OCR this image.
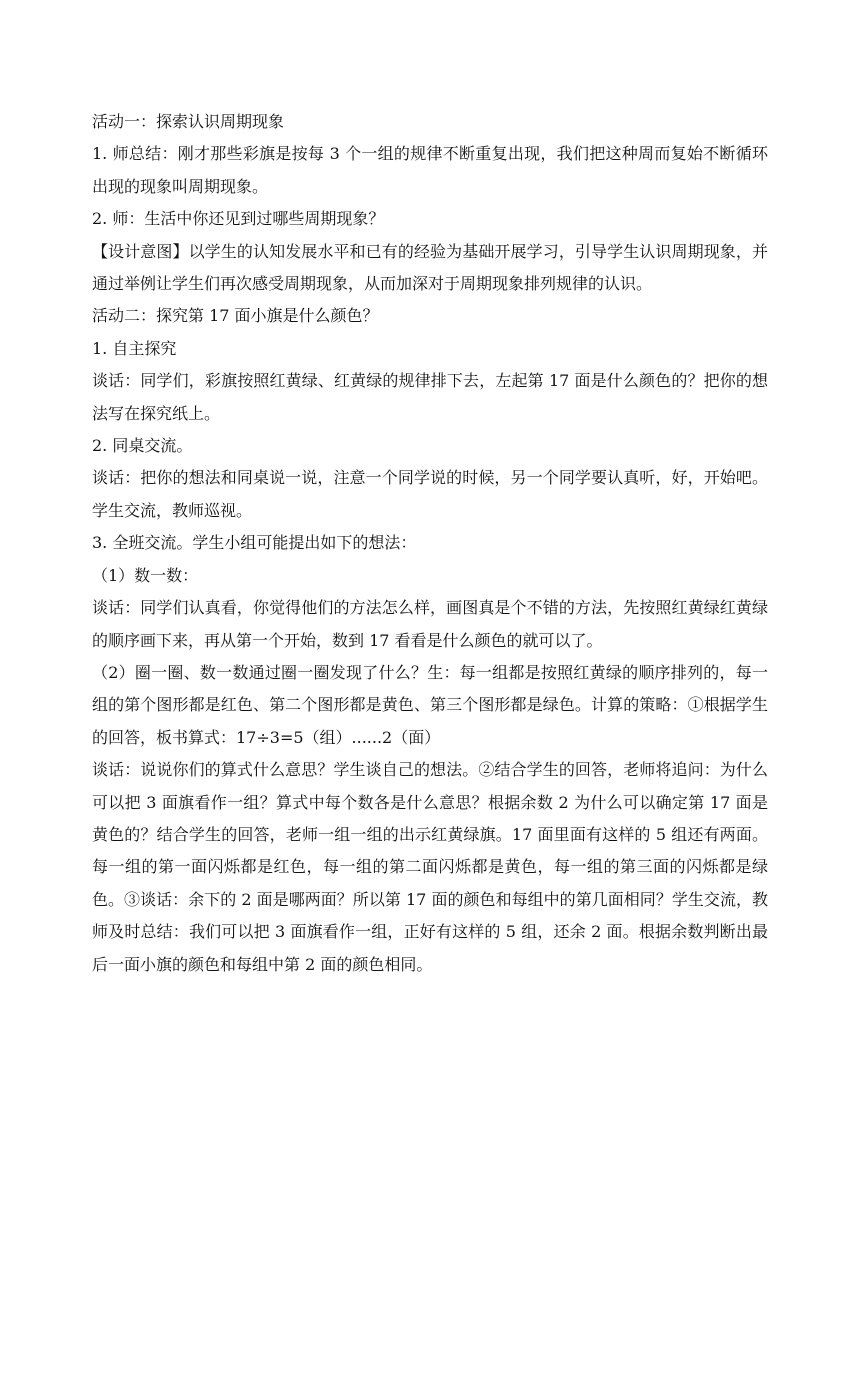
活动一：探索认识周期现象

1. 师总结：刚才那些彩旗是按每 3 个一组的规律不断重复出现，我们把这种周而复始不断循环出现的现象叫周期现象。

2. 师：生活中你还见到过哪些周期现象？

【设计意图】以学生的认知发展水平和已有的经验为基础开展学习，引导学生认识周期现象，并通过举例让学生们再次感受周期现象，从而加深对于周期现象排列规律的认识。

活动二：探究第 17 面小旗是什么颜色？

1. 自主探究

谈话：同学们，彩旗按照红黄绿、红黄绿的规律排下去，左起第 17 面是什么颜色的？把你的想法写在探究纸上。

2. 同桌交流。

谈话：把你的想法和同桌说一说，注意一个同学说的时候，另一个同学要认真听，好，开始吧。学生交流，教师巡视。

3. 全班交流。学生小组可能提出如下的想法：

（1）数一数：

谈话：同学们认真看，你觉得他们的方法怎么样，画图真是个不错的方法，先按照红黄绿红黄绿的顺序画下来，再从第一个开始，数到 17 看看是什么颜色的就可以了。

（2）圈一圈、数一数通过圈一圈发现了什么？生：每一组都是按照红黄绿的顺序排列的，每一组的第个图形都是红色、第二个图形都是黄色、第三个图形都是绿色。计算的策略：①根据学生的回答，板书算式：17÷3=5（组）......2（面）

谈话：说说你们的算式什么意思？学生谈自己的想法。②结合学生的回答，老师将追问：为什么可以把 3 面旗看作一组？算式中每个数各是什么意思？根据余数 2 为什么可以确定第 17 面是黄色的？结合学生的回答，老师一组一组的出示红黄绿旗。17 面里面有这样的 5 组还有两面。每一组的第一面闪烁都是红色，每一组的第二面闪烁都是黄色，每一组的第三面的闪烁都是绿色。③谈话：余下的 2 面是哪两面？所以第 17 面的颜色和每组中的第几面相同？学生交流，教师及时总结：我们可以把 3 面旗看作一组，正好有这样的 5 组，还余 2 面。根据余数判断出最后一面小旗的颜色和每组中第 2 面的颜色相同。
